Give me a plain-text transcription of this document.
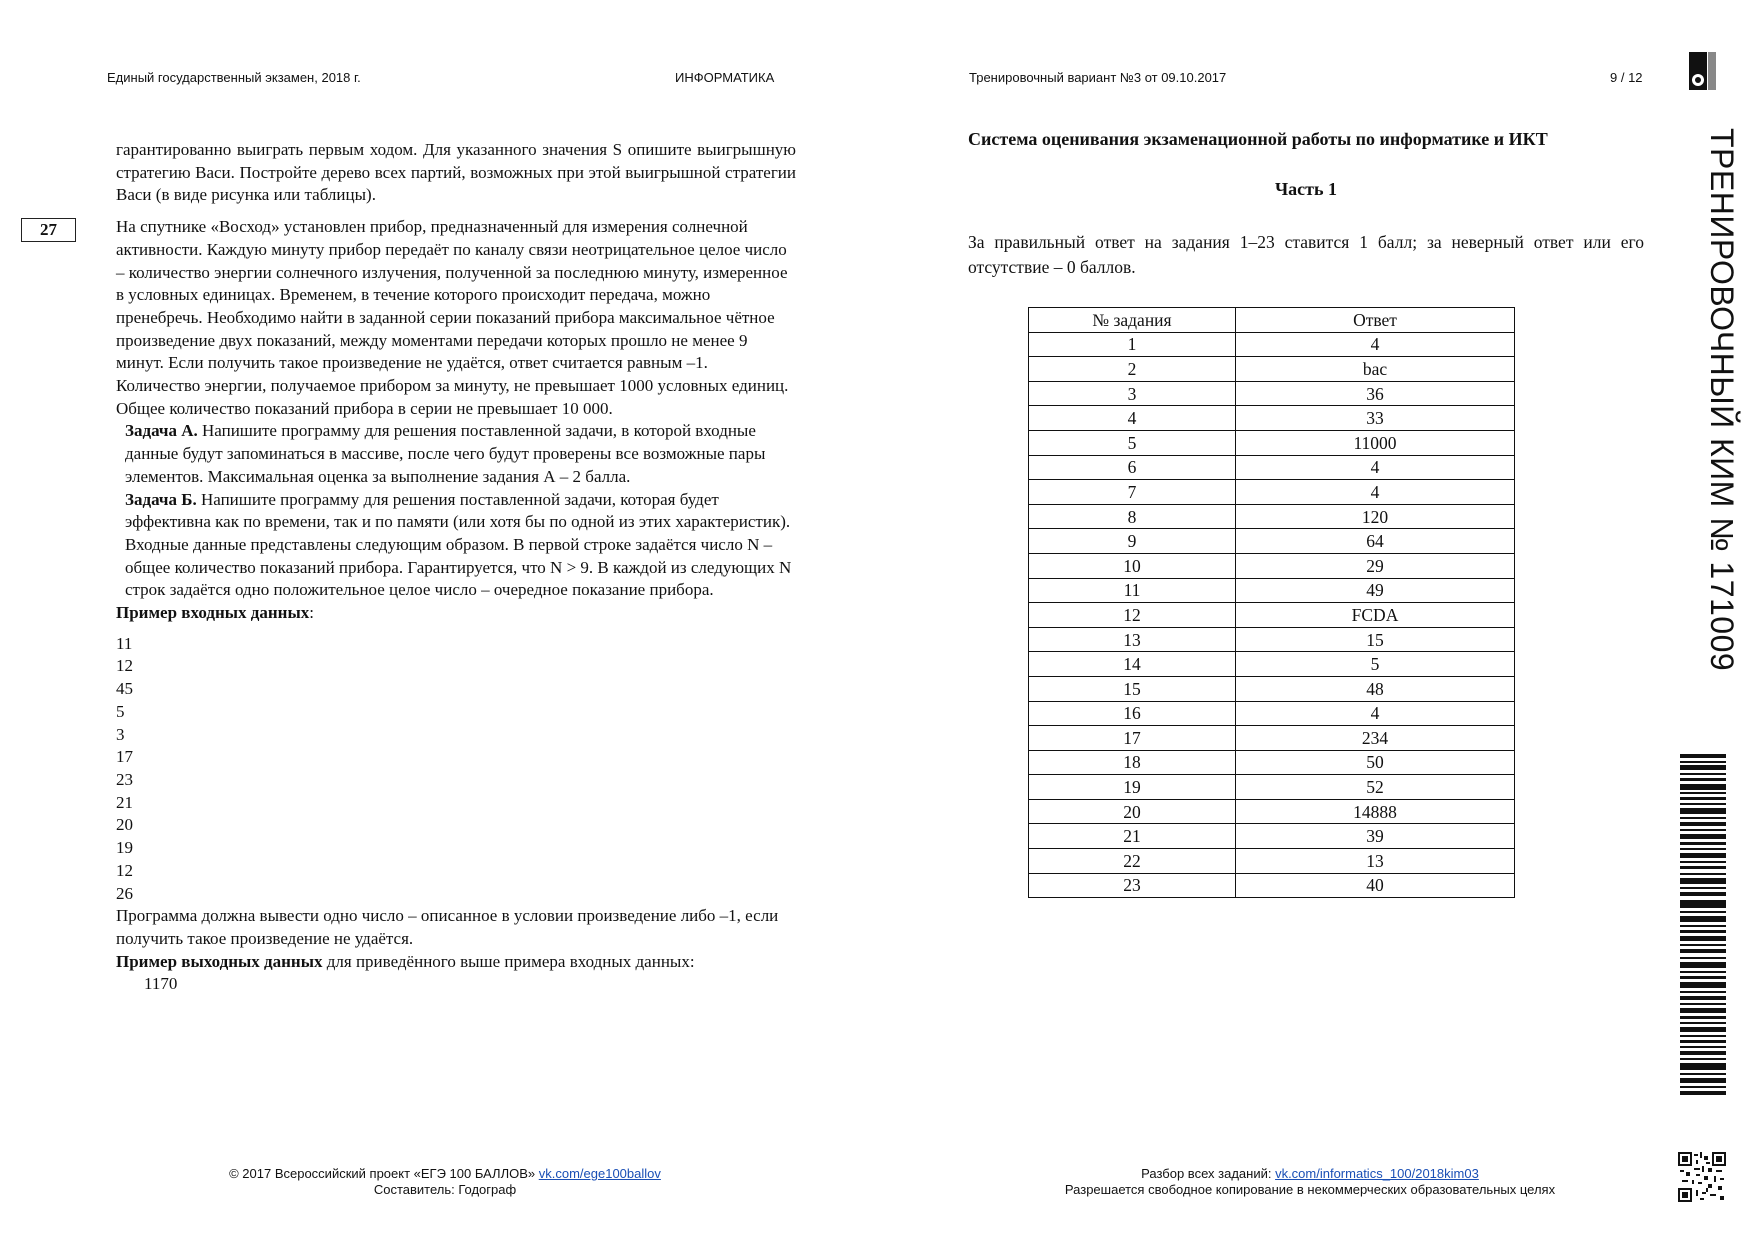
Единый государственный экзамен, 2018 г.	ИНФОРМАТИКА	Тренировочный вариант №3 от 09.10.2017	9 / 12
27

гарантированно выиграть первым ходом. Для указанного значения S опишите выигрышную стратегию Васи. Постройте дерево всех партий, возможных при этой выигрышной стратегии Васи (в виде рисунка или таблицы).

На спутнике «Восход» установлен прибор, предназначенный для измерения солнечной активности. Каждую минуту прибор передаёт по каналу связи неотрицательное целое число – количество энергии солнечного излучения, полученной за последнюю минуту, измеренное в условных единицах. Временем, в течение которого происходит передача, можно пренебречь. Необходимо найти в заданной серии показаний прибора максимальное чётное произведение двух показаний, между моментами передачи которых прошло не менее 9 минут. Если получить такое произведение не удаётся, ответ считается равным –1. Количество энергии, получаемое прибором за минуту, не превышает 1000 условных единиц. Общее количество показаний прибора в серии не превышает 10 000.

Задача А. Напишите программу для решения поставленной задачи, в которой входные данные будут запоминаться в массиве, после чего будут проверены все возможные пары элементов. Максимальная оценка за выполнение задания А – 2 балла.

Задача Б. Напишите программу для решения поставленной задачи, которая будет эффективна как по времени, так и по памяти (или хотя бы по одной из этих характеристик).

Входные данные представлены следующим образом. В первой строке задаётся число N – общее количество показаний прибора. Гарантируется, что N > 9. В каждой из следующих N строк задаётся одно положительное целое число – очередное показание прибора.

Пример входных данных:

11
12
45
5
3
17
23
21
20
19
12
26

Программа должна вывести одно число – описанное в условии произведение либо –1, если получить такое произведение не удаётся.

Пример выходных данных для приведённого выше примера входных данных:

1170

© 2017 Всероссийский проект «ЕГЭ 100 БАЛЛОВ» vk.com/ege100ballov
Составитель: Годограф
Система оценивания экзаменационной работы по информатике и ИКТ
Часть 1
За правильный ответ на задания 1–23 ставится 1 балл; за неверный ответ или его отсутствие – 0 баллов.
№ задания	Ответ
1	4
2	bac
3	36
4	33
5	11000
6	4
7	4
8	120
9	64
10	29
11	49
12	FCDA
13	15
14	5
15	48
16	4
17	234
18	50
19	52
20	14888
21	39
22	13
23	40
Разбор всех заданий: vk.com/informatics_100/2018kim03
Разрешается свободное копирование в некоммерческих образовательных целях
ТРЕНИРОВОЧНЫЙ КИМ № 171009
